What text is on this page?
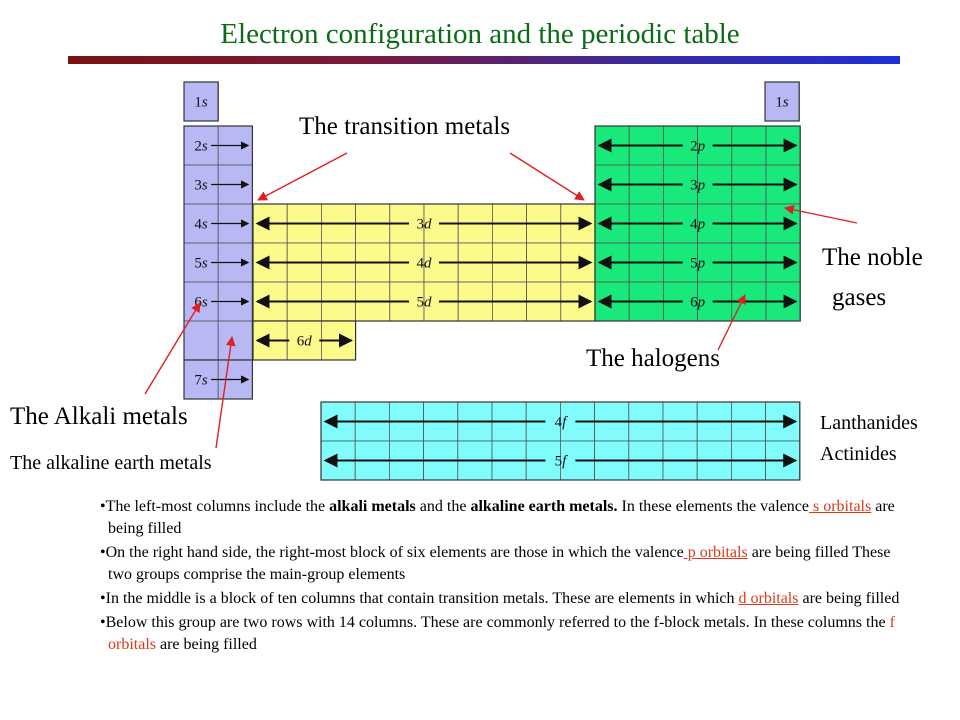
Electron configuration and the periodic table
1s
2s
3s
4s
5s
6s
7s
1s
3d
4d
5d
6d
2p
3p
4p
5p
6p
4f
5f
The transition metals
The noble
gases
The halogens
The Alkali metals
The alkaline earth metals
Lanthanides
Actinides
•The left-most columns include the alkali metals and the alkaline earth metals. In these elements the valence s orbitals are being filled
•On the right hand side, the right-most block of six elements are those in which the valence p orbitals are being filled These two groups comprise the main-group elements
•In the middle is a block of ten columns that contain transition metals. These are elements in which d orbitals are being filled
•Below this group are two rows with 14 columns. These are commonly referred to the f-block metals. In these columns the f orbitals are being filled
